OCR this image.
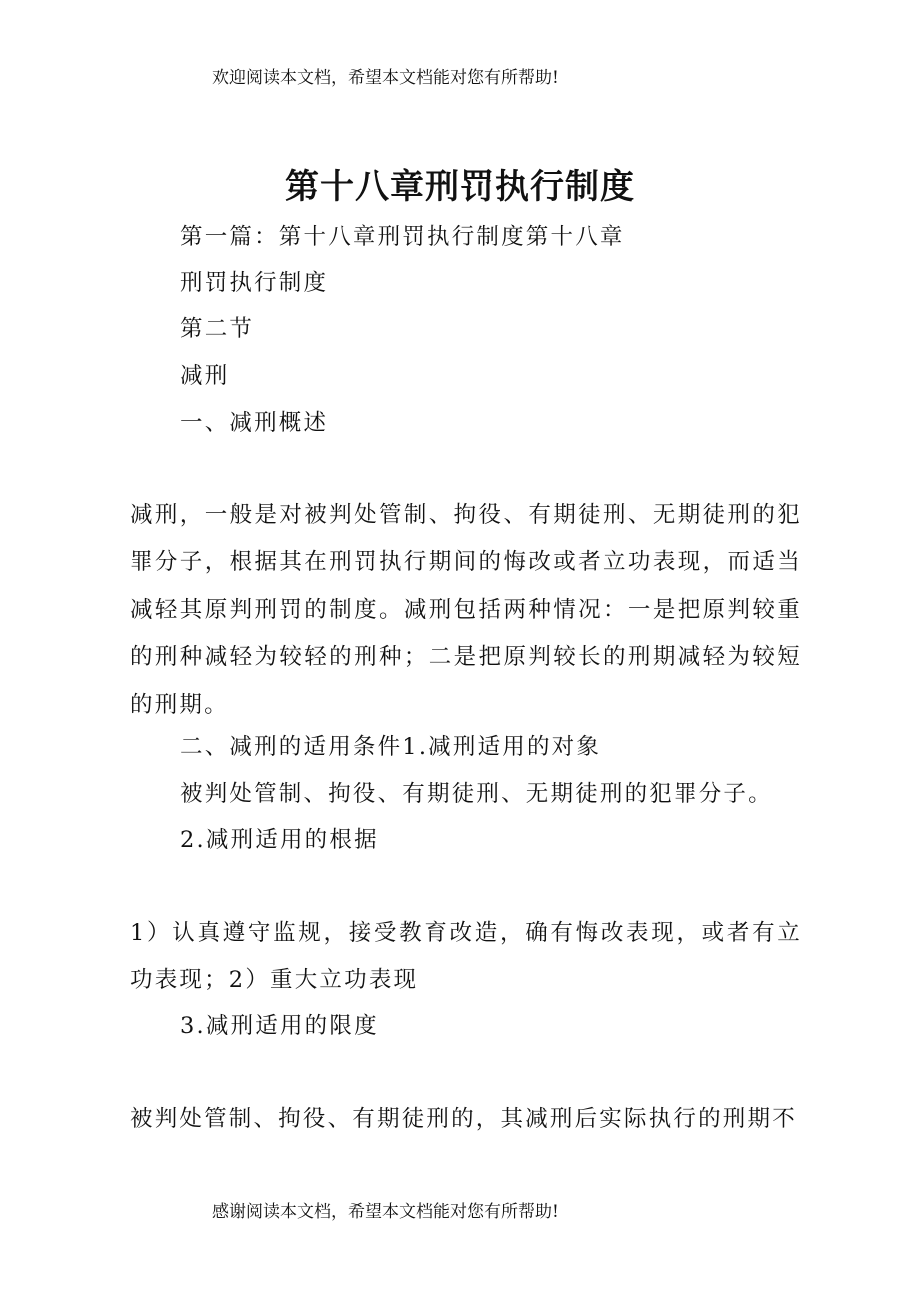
欢迎阅读本文档，希望本文档能对您有所帮助!
第十八章刑罚执行制度

第一篇：第十八章刑罚执行制度第十八章

刑罚执行制度

第二节

减刑

一、减刑概述

减刑，一般是对被判处管制、拘役、有期徒刑、无期徒刑的犯罪分子，根据其在刑罚执行期间的悔改或者立功表现，而适当减轻其原判刑罚的制度。减刑包括两种情况：一是把原判较重的刑种减轻为较轻的刑种；二是把原判较长的刑期减轻为较短的刑期。

二、减刑的适用条件1.减刑适用的对象

被判处管制、拘役、有期徒刑、无期徒刑的犯罪分子。

2.减刑适用的根据

1）认真遵守监规，接受教育改造，确有悔改表现，或者有立功表现；2）重大立功表现

3.减刑适用的限度

被判处管制、拘役、有期徒刑的，其减刑后实际执行的刑期不

感谢阅读本文档，希望本文档能对您有所帮助!
